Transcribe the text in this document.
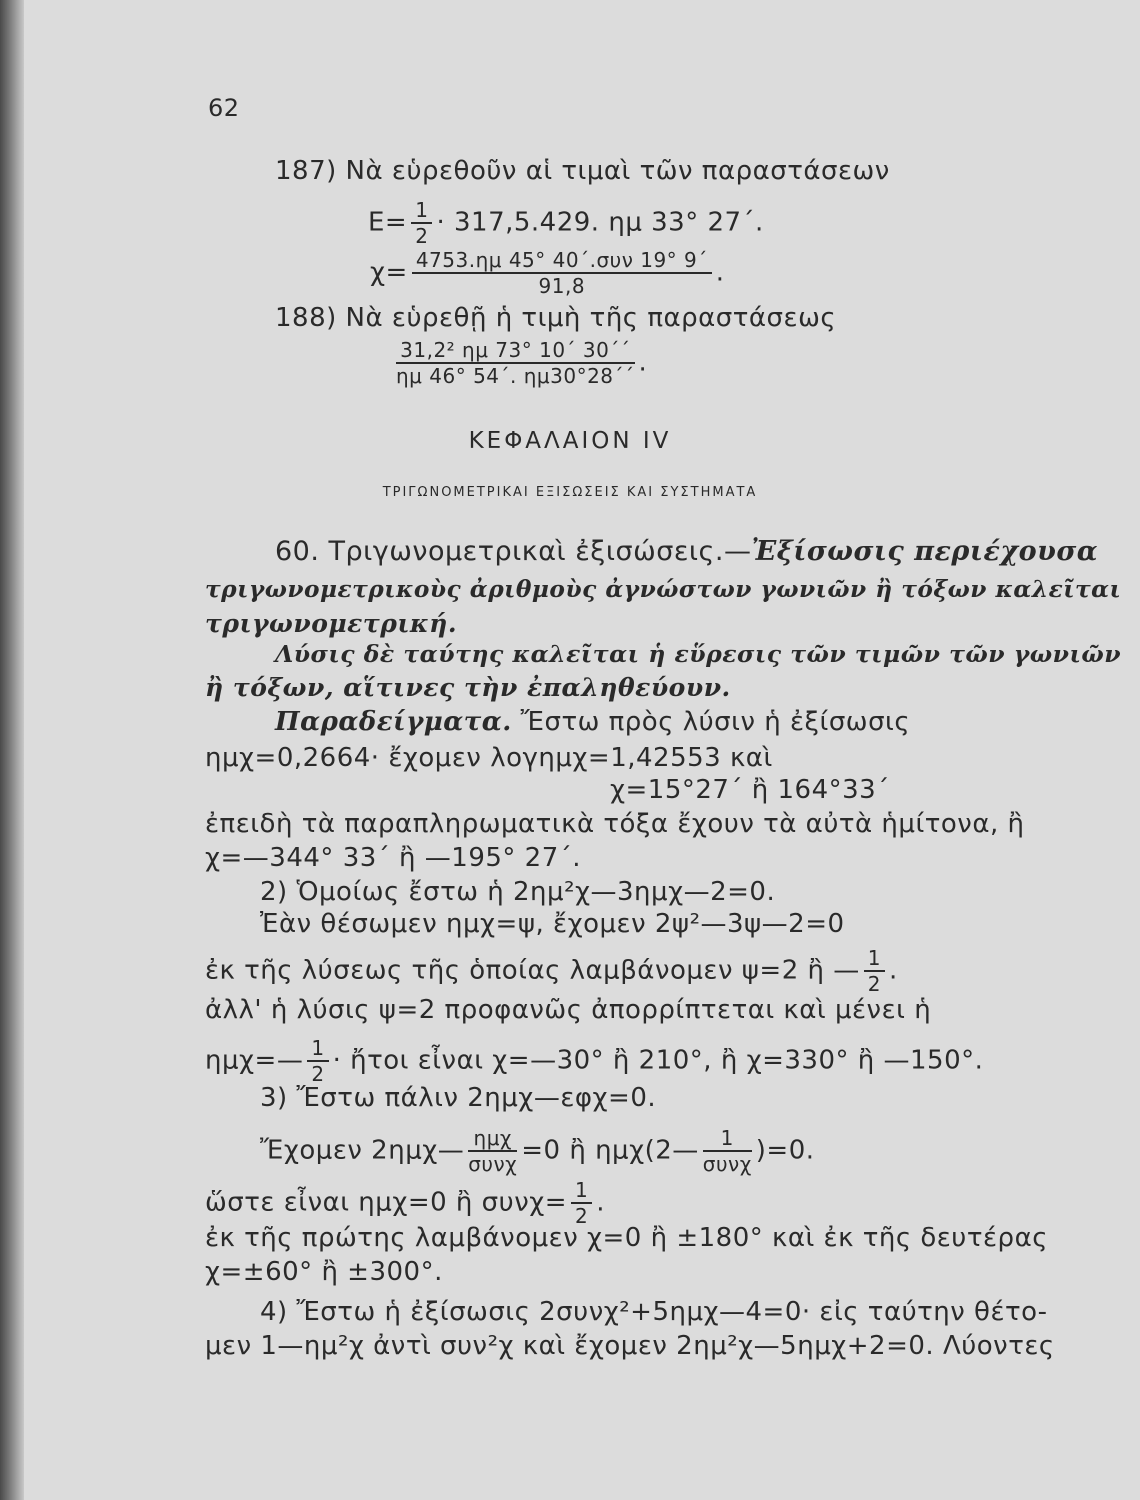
62
187) Νὰ εὑρεθοῦν αἱ τιμαὶ τῶν παραστάσεων
$E= \frac{1}{2} \cdot 317,5.429$. ημ 33° 27΄.
$\chi= \frac{\text{4753.ημ 45° 40΄.συν 19° 9΄}}{91,8}$ .
188) Νὰ εὑρεθῇ ἡ τιμὴ τῆς παραστάσεως
$\frac{\text{31,2² ημ 73° 10΄ 30΄΄}}{\eta\mu 46^\circ 54΄. \eta\mu 30^\circ 28΄΄}$ .
ΚΕΦΑΛΑΙΟΝ IV
ΤΡΙΓΩΝΟΜΕΤΡΙΚΑΙ ΕΞΙΣΩΣΕΙΣ ΚΑΙ ΣΥΣΤΗΜΑΤΑ
60. Τριγωνομετρικαὶ ἐξισώσεις.—Ἐξίσωσις περιέχουσα
τριγωνομετρικοὺς ἀριθμοὺς ἀγνώστων γωνιῶν ἢ τόξων καλεῖται
τριγωνομετρική.
Λύσις δὲ ταύτης καλεῖται ἡ εὕρεσις τῶν τιμῶν τῶν γωνιῶν
ἢ τόξων, αἵτινες τὴν ἐπαληθεύουν.
Παραδείγματα. Ἔστω πρὸς λύσιν ἡ ἐξίσωσις
ημχ=0,2664· ἔχομεν λογημχ=1,42553 καὶ
χ=15°27΄ ἢ 164°33΄
ἐπειδὴ τὰ παραπληρωματικὰ τόξα ἔχουν τὰ αὐτὰ ἡμίτονα, ἢ
χ=—344° 33΄ ἢ —195° 27΄.
2) Ὁμοίως ἔστω ἡ 2ημ²χ—3ημχ—2=0.
Ἐὰν θέσωμεν ημχ=ψ, ἔχομεν 2ψ²—3ψ—2=0
ἐκ τῆς λύσεως τῆς ὁποίας λαμβάνομεν ψ=2 ἢ — $\frac{1}{2}$ .
ἀλλ' ἡ λύσις ψ=2 προφανῶς ἀπορρίπτεται καὶ μένει ἡ
ημχ=— $\frac{1}{2}$ · ἤτοι εἶναι χ=—30° ἢ 210°, ἢ χ=330° ἢ —150°.
3) Ἔστω πάλιν 2ημχ—εφχ=0.
Ἔχομεν 2ημχ— $\frac{\text{ημχ}}{\text{συνχ}} =0$ ἢ ημχ(2— $\frac{1}{\text{συνχ}} )=0$.
ὥστε εἶναι ημχ=0 ἢ $\sigma\upsilon\nu\chi= \frac{1}{2}$ .
ἐκ τῆς πρώτης λαμβάνομεν χ=0 ἢ ±180° καὶ ἐκ τῆς δευτέρας
χ=±60° ἢ ±300°.
4) Ἔστω ἡ ἐξίσωσις 2συνχ²+5ημχ—4=0· εἰς ταύτην θέτο-
μεν 1—ημ²χ ἀντὶ συν²χ καὶ ἔχομεν 2ημ²χ—5ημχ+2=0. Λύοντες
